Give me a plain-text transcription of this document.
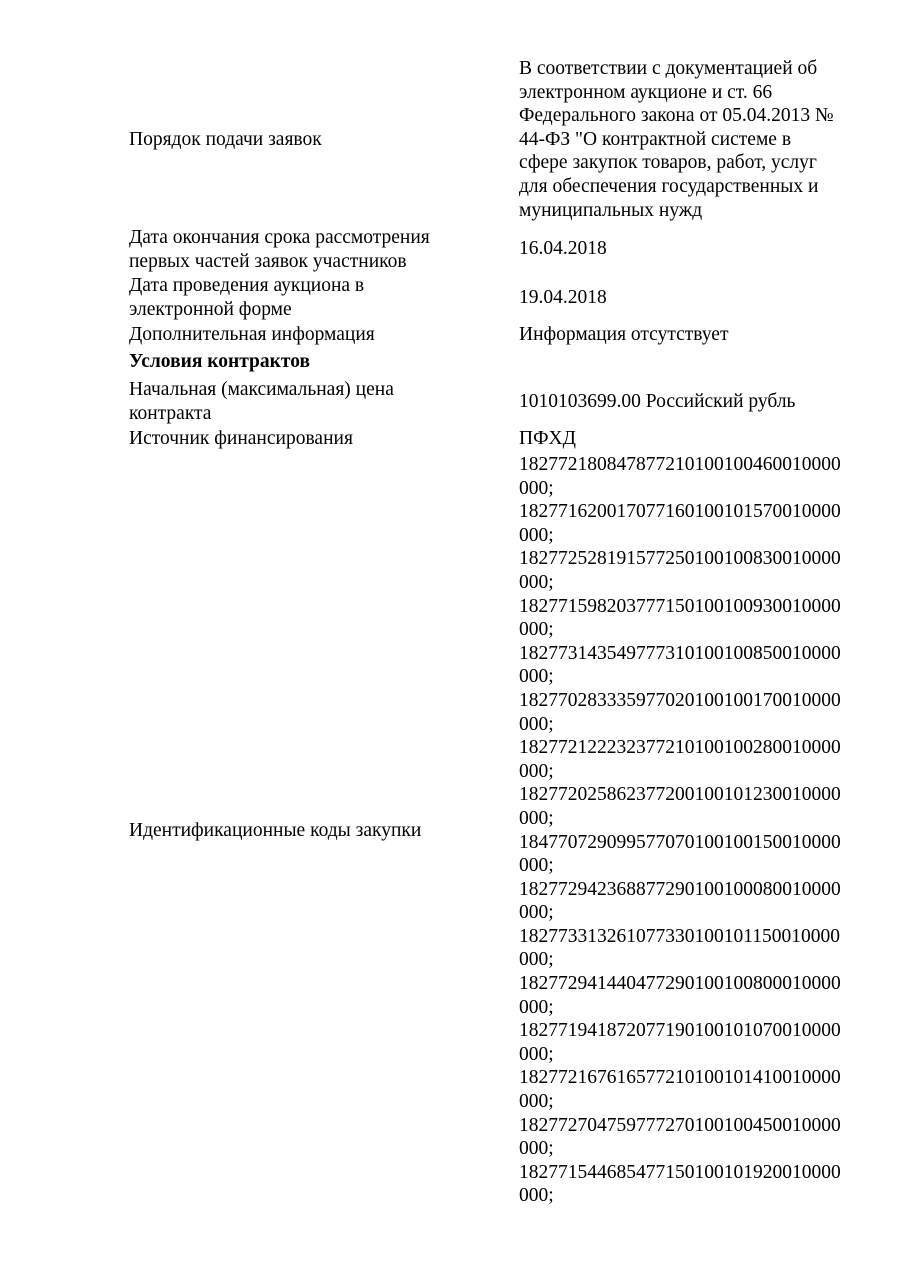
В соответствии с документацией об
электронном аукционе и ст. 66
Федерального закона от 05.04.2013 №
44-ФЗ "О контрактной системе в
сфере закупок товаров, работ, услуг
для обеспечения государственных и
муниципальных нужд
Порядок подачи заявок
Дата окончания срока рассмотрения
первых частей заявок участников
16.04.2018
Дата проведения аукциона в
электронной форме
19.04.2018
Дополнительная информация	Информация отсутствует
Условия контрактов
Начальная (максимальная) цена
контракта
1010103699.00 Российский рубль
Источник финансирования	ПФХД
Идентификационные коды закупки
182772180847877210100100460010000
000;
182771620017077160100101570010000
000;
182772528191577250100100830010000
000;
182771598203777150100100930010000
000;
182773143549777310100100850010000
000;
182770283335977020100100170010000
000;
182772122232377210100100280010000
000;
182772025862377200100101230010000
000;
184770729099577070100100150010000
000;
182772942368877290100100080010000
000;
182773313261077330100101150010000
000;
182772941440477290100100800010000
000;
182771941872077190100101070010000
000;
182772167616577210100101410010000
000;
182772704759777270100100450010000
000;
182771544685477150100101920010000
000;
